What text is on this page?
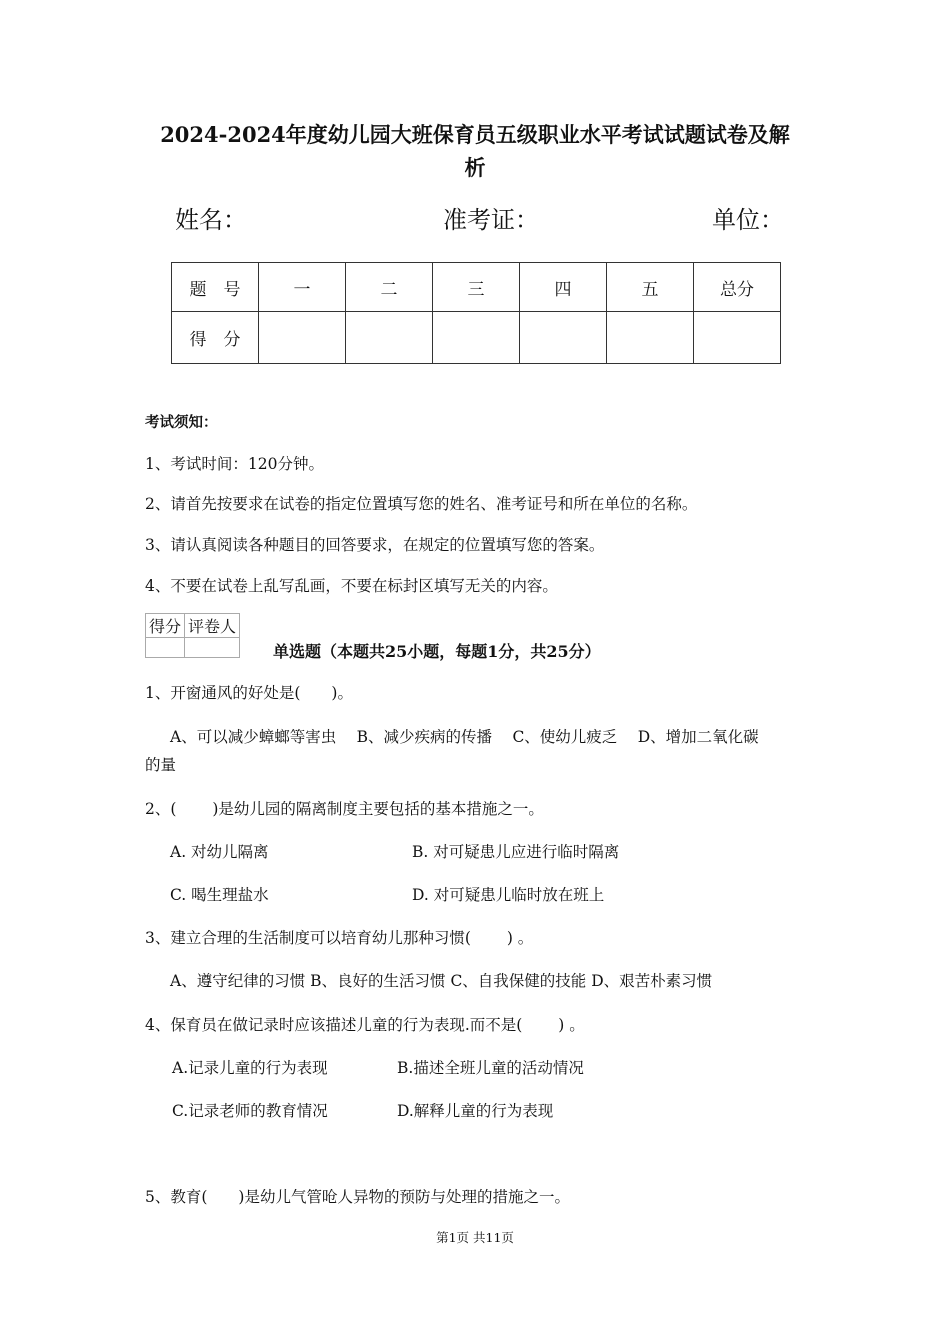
2024-2024年度幼儿园大班保育员五级职业水平考试试题试卷及解
析
姓名：	准考证：	单位：
题　号	一	二	三	四	五	总分
得　分						
考试须知：
1、考试时间：120分钟。
2、请首先按要求在试卷的指定位置填写您的姓名、准考证号和所在单位的名称。
3、请认真阅读各种题目的回答要求，在规定的位置填写您的答案。
4、不要在试卷上乱写乱画，不要在标封区填写无关的内容。
得分	评卷人

单选题（本题共25小题，每题1分，共25分）
1、开窗通风的好处是(　　)。
A、可以减少蟑螂等害虫　 B、减少疾病的传播　 C、使幼儿疲乏　 D、增加二氧化碳
的量
2、(　　 )是幼儿园的隔离制度主要包括的基本措施之一。
A. 对幼儿隔离	B. 对可疑患儿应进行临时隔离
C. 喝生理盐水	D. 对可疑患儿临时放在班上
3、建立合理的生活制度可以培育幼儿那种习惯(　　 ) 。
A、遵守纪律的习惯 B、良好的生活习惯 C、自我保健的技能 D、艰苦朴素习惯
4、保育员在做记录时应该描述儿童的行为表现.而不是(　　 ) 。
A.记录儿童的行为表现	B.描述全班儿童的活动情况
C.记录老师的教育情况	D.解释儿童的行为表现
5、教育(　　)是幼儿气管呛人异物的预防与处理的措施之一。
第1页 共11页
